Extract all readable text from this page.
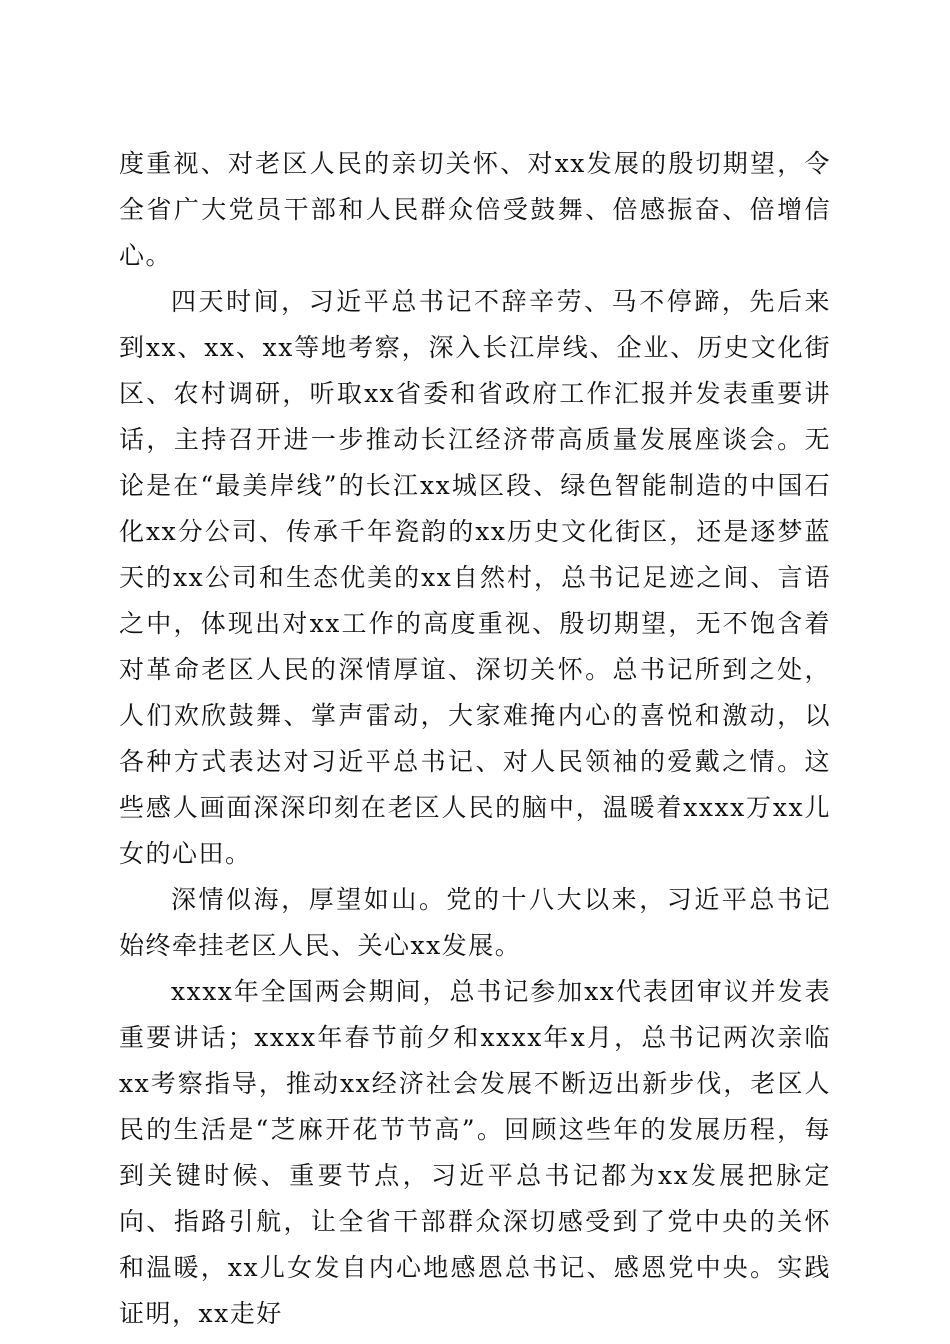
度重视、对老区人民的亲切关怀、对xx发展的殷切期望，令全省广大党员干部和人民群众倍受鼓舞、倍感振奋、倍增信心。

四天时间，习近平总书记不辞辛劳、马不停蹄，先后来到xx、xx、xx等地考察，深入长江岸线、企业、历史文化街区、农村调研，听取xx省委和省政府工作汇报并发表重要讲话，主持召开进一步推动长江经济带高质量发展座谈会。无论是在“最美岸线”的长江xx城区段、绿色智能制造的中国石化xx分公司、传承千年瓷韵的xx历史文化街区，还是逐梦蓝天的xx公司和生态优美的xx自然村，总书记足迹之间、言语之中，体现出对xx工作的高度重视、殷切期望，无不饱含着对革命老区人民的深情厚谊、深切关怀。总书记所到之处，人们欢欣鼓舞、掌声雷动，大家难掩内心的喜悦和激动，以各种方式表达对习近平总书记、对人民领袖的爱戴之情。这些感人画面深深印刻在老区人民的脑中，温暖着xxxx万xx儿女的心田。

深情似海，厚望如山。党的十八大以来，习近平总书记始终牵挂老区人民、关心xx发展。

xxxx年全国两会期间，总书记参加xx代表团审议并发表重要讲话；xxxx年春节前夕和xxxx年x月，总书记两次亲临xx考察指导，推动xx经济社会发展不断迈出新步伐，老区人民的生活是“芝麻开花节节高”。回顾这些年的发展历程，每到关键时候、重要节点，习近平总书记都为xx发展把脉定向、指路引航，让全省干部群众深切感受到了党中央的关怀和温暖，xx儿女发自内心地感恩总书记、感恩党中央。实践证明，xx走好
